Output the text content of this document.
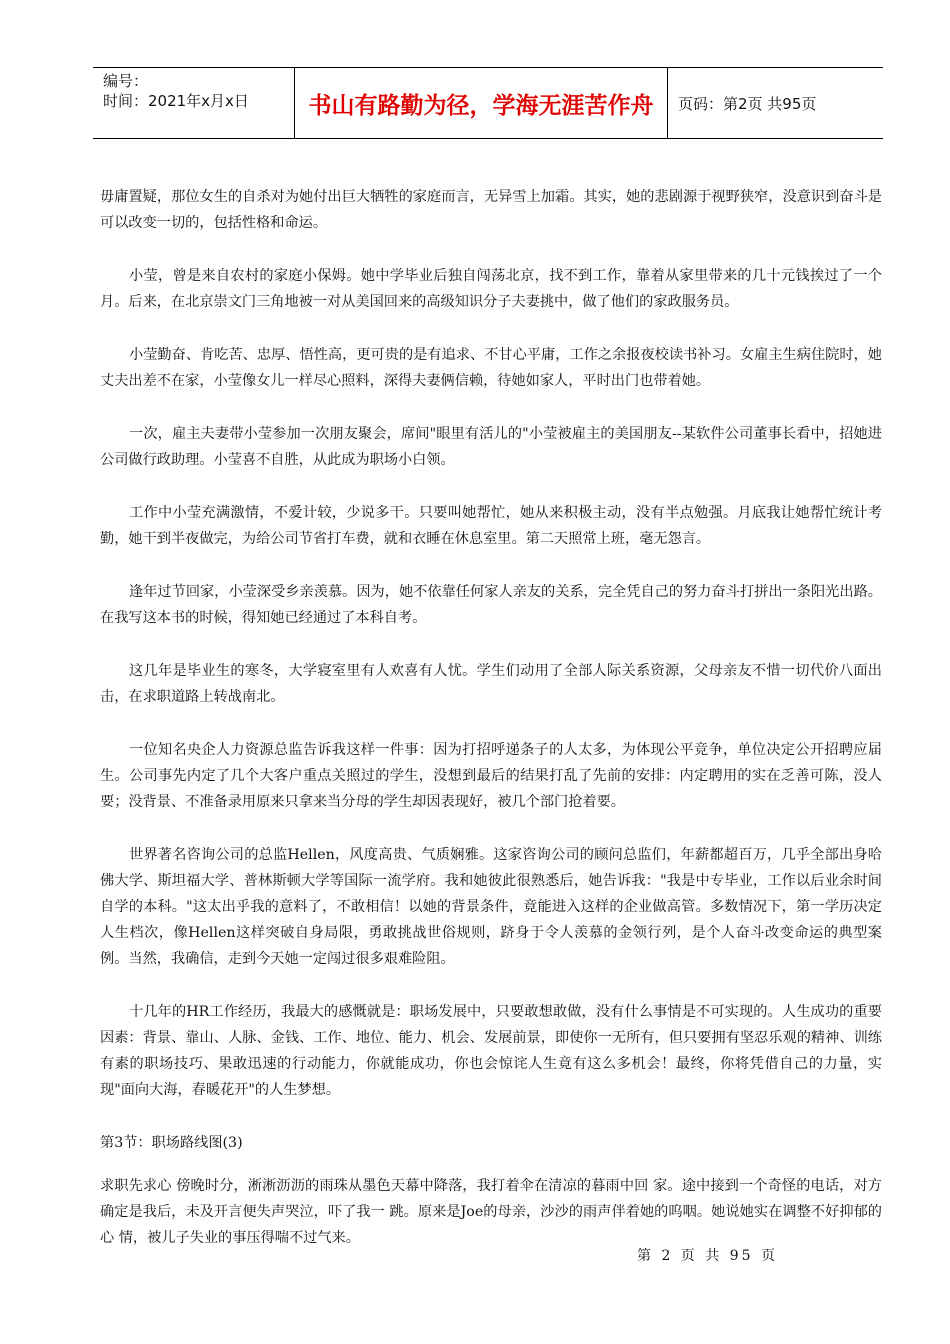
编号：
时间：2021年x月x日	书山有路勤为径，学海无涯苦作舟	页码：第2页 共95页

毋庸置疑，那位女生的自杀对为她付出巨大牺牲的家庭而言，无异雪上加霜。其实，她的悲剧源于视野狭窄，没意识到奋斗是可以改变一切的，包括性格和命运。

小莹，曾是来自农村的家庭小保姆。她中学毕业后独自闯荡北京，找不到工作，靠着从家里带来的几十元钱挨过了一个月。后来，在北京崇文门三角地被一对从美国回来的高级知识分子夫妻挑中，做了他们的家政服务员。

小莹勤奋、肯吃苦、忠厚、悟性高，更可贵的是有追求、不甘心平庸，工作之余报夜校读书补习。女雇主生病住院时，她丈夫出差不在家，小莹像女儿一样尽心照料，深得夫妻俩信赖，待她如家人，平时出门也带着她。

一次，雇主夫妻带小莹参加一次朋友聚会，席间"眼里有活儿的"小莹被雇主的美国朋友--某软件公司董事长看中，招她进公司做行政助理。小莹喜不自胜，从此成为职场小白领。

工作中小莹充满激情，不爱计较，少说多干。只要叫她帮忙，她从来积极主动，没有半点勉强。月底我让她帮忙统计考勤，她干到半夜做完，为给公司节省打车费，就和衣睡在休息室里。第二天照常上班，毫无怨言。

逢年过节回家，小莹深受乡亲羡慕。因为，她不依靠任何家人亲友的关系，完全凭自己的努力奋斗打拼出一条阳光出路。在我写这本书的时候，得知她已经通过了本科自考。

这几年是毕业生的寒冬，大学寝室里有人欢喜有人忧。学生们动用了全部人际关系资源，父母亲友不惜一切代价八面出击，在求职道路上转战南北。

一位知名央企人力资源总监告诉我这样一件事：因为打招呼递条子的人太多，为体现公平竞争，单位决定公开招聘应届生。公司事先内定了几个大客户重点关照过的学生，没想到最后的结果打乱了先前的安排：内定聘用的实在乏善可陈，没人要；没背景、不准备录用原来只拿来当分母的学生却因表现好，被几个部门抢着要。

世界著名咨询公司的总监Hellen，风度高贵、气质娴雅。这家咨询公司的顾问总监们，年薪都超百万，几乎全部出身哈佛大学、斯坦福大学、普林斯顿大学等国际一流学府。我和她彼此很熟悉后，她告诉我："我是中专毕业，工作以后业余时间自学的本科。"这太出乎我的意料了，不敢相信！以她的背景条件，竟能进入这样的企业做高管。多数情况下，第一学历决定人生档次，像Hellen这样突破自身局限，勇敢挑战世俗规则，跻身于令人羡慕的金领行列，是个人奋斗改变命运的典型案例。当然，我确信，走到今天她一定闯过很多艰难险阻。

十几年的HR工作经历，我最大的感慨就是：职场发展中，只要敢想敢做，没有什么事情是不可实现的。人生成功的重要因素：背景、靠山、人脉、金钱、工作、地位、能力、机会、发展前景，即使你一无所有，但只要拥有坚忍乐观的精神、训练有素的职场技巧、果敢迅速的行动能力，你就能成功，你也会惊诧人生竟有这么多机会！最终，你将凭借自己的力量，实现"面向大海，春暖花开"的人生梦想。

第3节：职场路线图(3)

求职先求心 傍晚时分，淅淅沥沥的雨珠从墨色天幕中降落，我打着伞在清凉的暮雨中回 家。途中接到一个奇怪的电话，对方确定是我后，未及开言便失声哭泣，吓了我一 跳。原来是Joe的母亲，沙沙的雨声伴着她的呜咽。她说她实在调整不好抑郁的心 情，被儿子失业的事压得喘不过气来。

第 2 页 共 95 页
